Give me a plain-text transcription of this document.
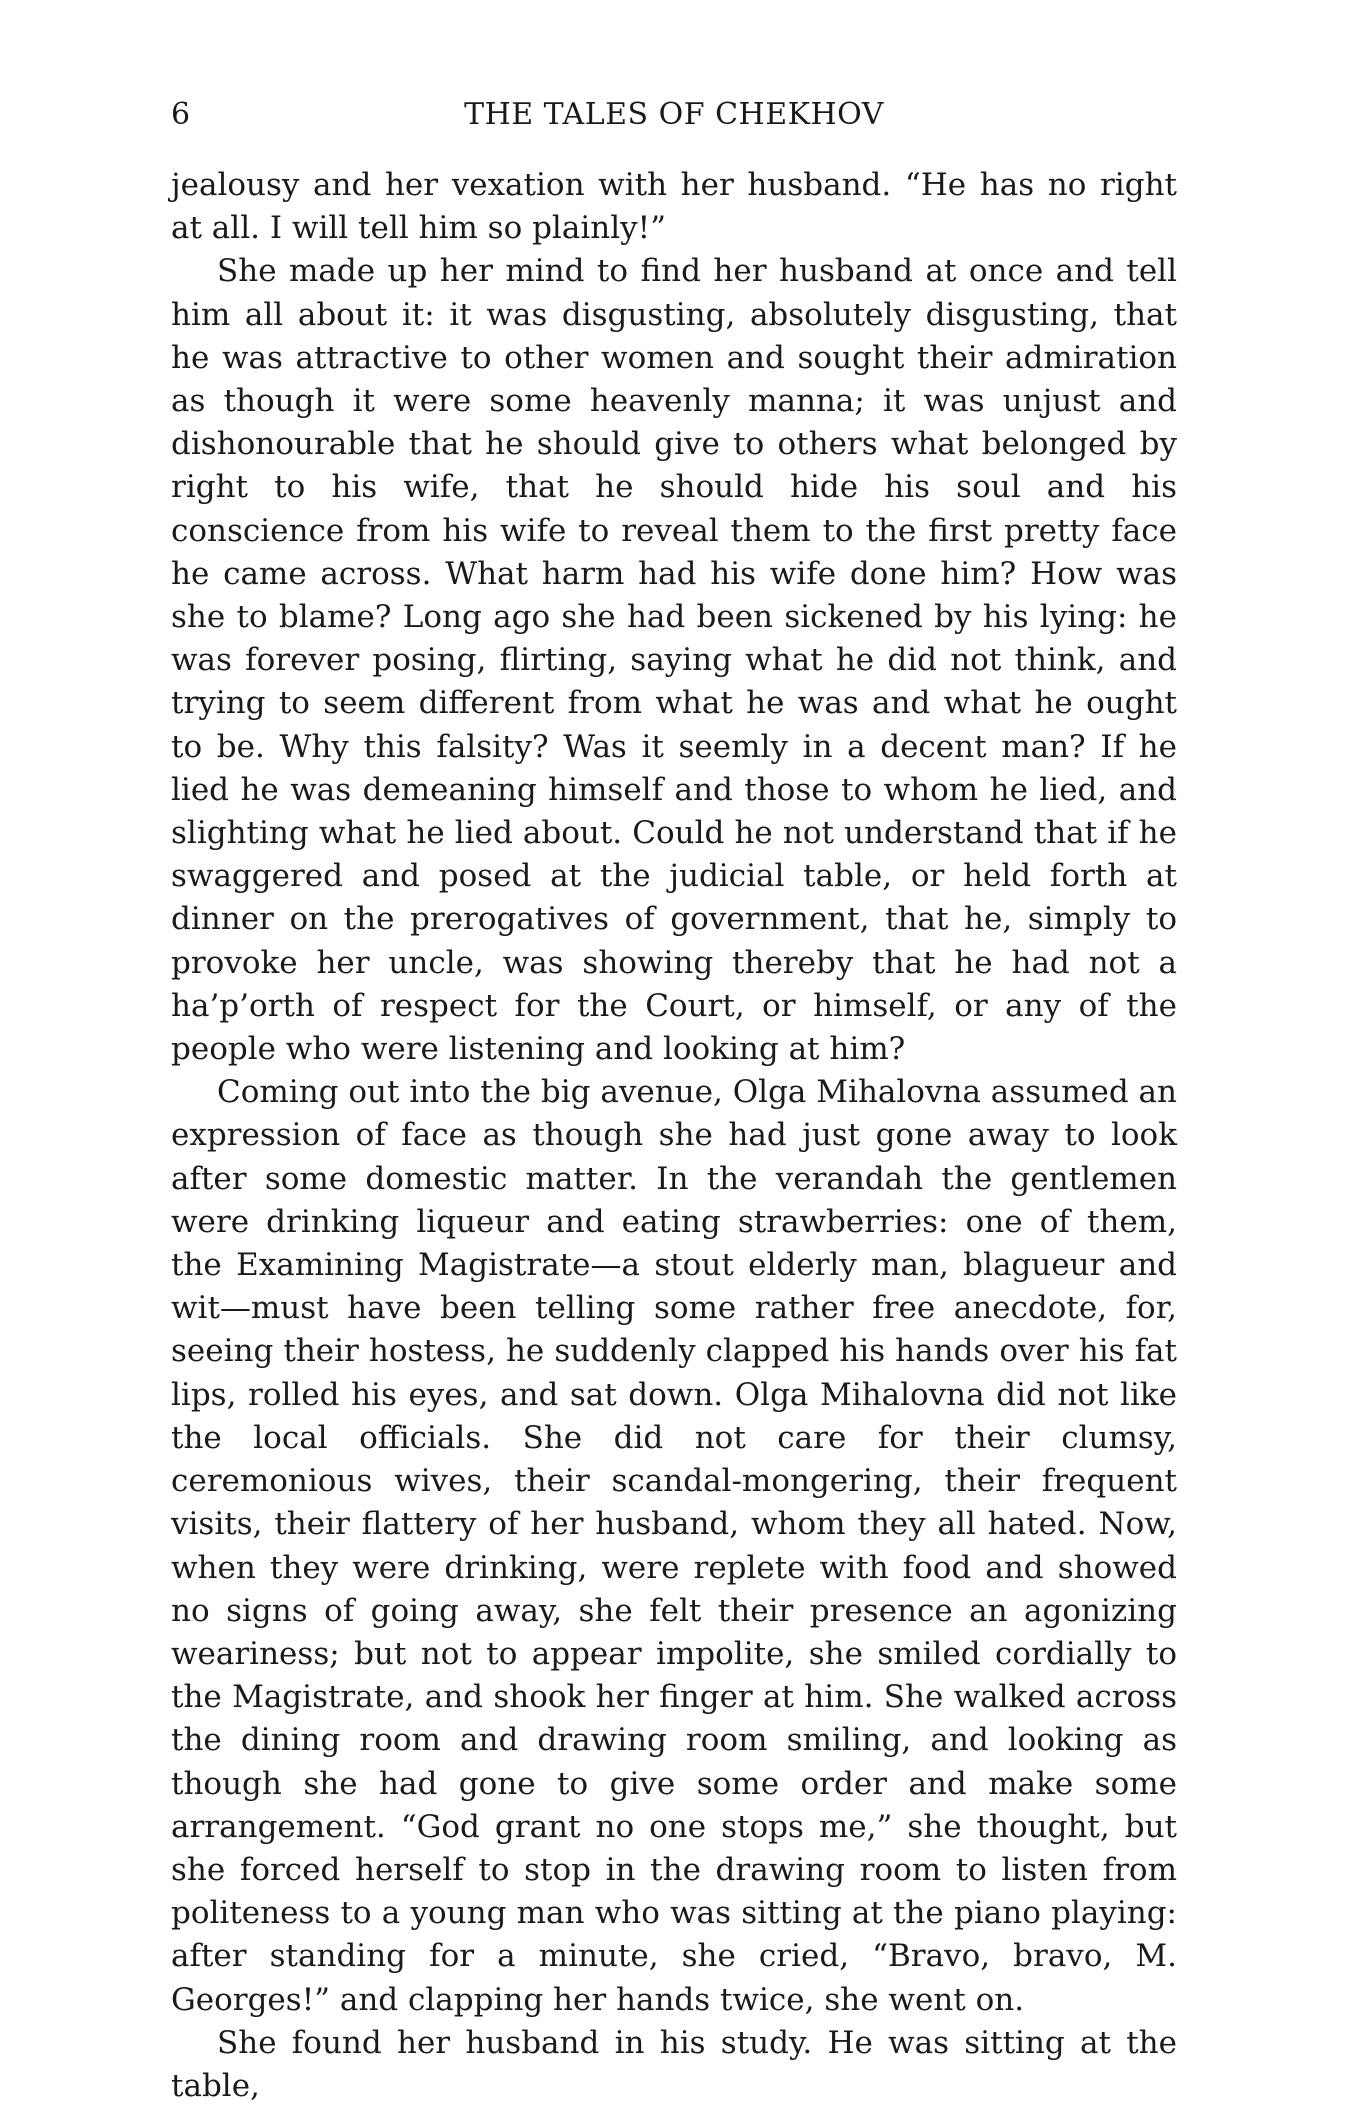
6	THE TALES OF CHEKHOV

jealousy and her vexation with her husband. “He has no right at all. I will tell him so plainly!”

She made up her mind to find her husband at once and tell him all about it: it was disgusting, absolutely disgusting, that he was attractive to other women and sought their admiration as though it were some heavenly manna; it was unjust and dishonourable that he should give to others what belonged by right to his wife, that he should hide his soul and his conscience from his wife to reveal them to the first pretty face he came across. What harm had his wife done him? How was she to blame? Long ago she had been sickened by his lying: he was forever posing, flirting, saying what he did not think, and trying to seem different from what he was and what he ought to be. Why this falsity? Was it seemly in a decent man? If he lied he was demeaning himself and those to whom he lied, and slighting what he lied about. Could he not understand that if he swaggered and posed at the judicial table, or held forth at dinner on the prerogatives of government, that he, simply to provoke her uncle, was showing thereby that he had not a ha’p’orth of respect for the Court, or himself, or any of the people who were listening and looking at him?

Coming out into the big avenue, Olga Mihalovna assumed an expression of face as though she had just gone away to look after some domestic matter. In the verandah the gentlemen were drinking liqueur and eating strawberries: one of them, the Examining Magistrate—a stout elderly man, blagueur and wit—must have been telling some rather free anecdote, for, seeing their hostess, he suddenly clapped his hands over his fat lips, rolled his eyes, and sat down. Olga Mihalovna did not like the local officials. She did not care for their clumsy, ceremonious wives, their scandal-mongering, their frequent visits, their flattery of her husband, whom they all hated. Now, when they were drinking, were replete with food and showed no signs of going away, she felt their presence an agonizing weariness; but not to appear impolite, she smiled cordially to the Magistrate, and shook her finger at him. She walked across the dining room and drawing room smiling, and looking as though she had gone to give some order and make some arrangement. “God grant no one stops me,” she thought, but she forced herself to stop in the drawing room to listen from politeness to a young man who was sitting at the piano playing: after standing for a minute, she cried, “Bravo, bravo, M. Georges!” and clapping her hands twice, she went on.

She found her husband in his study. He was sitting at the table,
